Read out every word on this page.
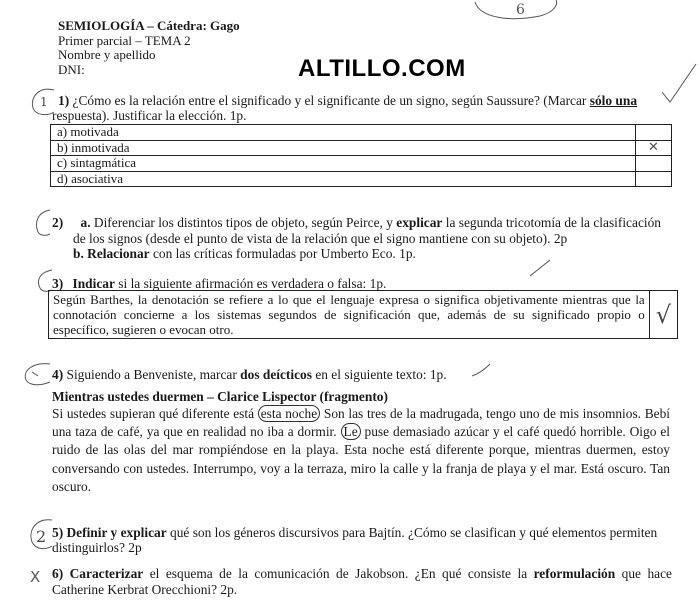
6
SEMIOLOGÍA – Cátedra: Gago
Primer parcial – TEMA 2
Nombre y apellido
DNI:	ALTILLO.COM
1 1) ¿Cómo es la relación entre el significado y el significante de un signo, según Saussure? (Marcar sólo una
respuesta). Justificar la elección. 1p.
a) motivada	
b) inmotivada	✕
c) sintagmática	
d) asociativa	
2) a. Diferenciar los distintos tipos de objeto, según Peirce, y explicar la segunda tricotomía de la clasificación
de los signos (desde el punto de vista de la relación que el signo mantiene con su objeto). 2p
b. Relacionar con las críticas formuladas por Umberto Eco. 1p.
3) Indicar si la siguiente afirmación es verdadera o falsa: 1p.
Según Barthes, la denotación se refiere a lo que el lenguaje expresa o significa objetivamente mientras que la
connotación concierne a los sistemas segundos de significación que, además de su significado propio o
específico, sugieren o evocan otro.
	√
4) Siguiendo a Benveniste, marcar dos deícticos en el siguiente texto: 1p.
Mientras ustedes duermen – Clarice Lispector (fragmento)
Si ustedes supieran qué diferente está esta noche Son las tres de la madrugada, tengo uno de mis insomnios. Bebí
una taza de café, ya que en realidad no iba a dormir. Le puse demasiado azúcar y el café quedó horrible. Oigo el
ruido de las olas del mar rompiéndose en la playa. Esta noche está diferente porque, mientras duermen, estoy
conversando con ustedes. Interrumpo, voy a la terraza, miro la calle y la franja de playa y el mar. Está oscuro. Tan
oscuro.
2 5) Definir y explicar qué son los géneros discursivos para Bajtín. ¿Cómo se clasifican y qué elementos permiten
distinguirlos? 2p
X 6) Caracterizar el esquema de la comunicación de Jakobson. ¿En qué consiste la reformulación que hace
Catherine Kerbrat Orecchioni? 2p.
